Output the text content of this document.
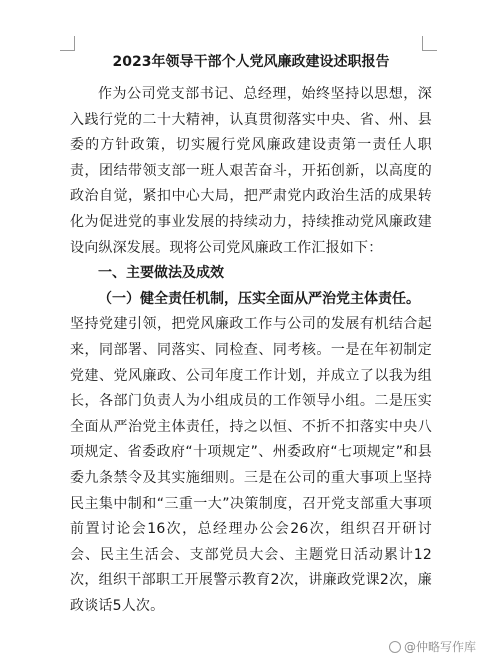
2023年领导干部个人党风廉政建设述职报告

作为公司党支部书记、总经理，始终坚持以思想，深入践行党的二十大精神，认真贯彻落实中央、省、州、县委的方针政策，切实履行党风廉政建设责第一责任人职责，团结带领支部一班人艰苦奋斗，开拓创新，以高度的政治自觉，紧扣中心大局，把严肃党内政治生活的成果转化为促进党的事业发展的持续动力，持续推动党风廉政建设向纵深发展。现将公司党风廉政工作汇报如下：

一、主要做法及成效

（一）健全责任机制，压实全面从严治党主体责任。

坚持党建引领，把党风廉政工作与公司的发展有机结合起来，同部署、同落实、同检查、同考核。一是在年初制定党建、党风廉政、公司年度工作计划，并成立了以我为组长，各部门负责人为小组成员的工作领导小组。二是压实全面从严治党主体责任，持之以恒、不折不扣落实中央八项规定、省委政府“十项规定”、州委政府“七项规定”和县委九条禁令及其实施细则。三是在公司的重大事项上坚持民主集中制和“三重一大”决策制度，召开党支部重大事项前置讨论会16次，总经理办公会26次，组织召开研讨会、民主生活会、支部党员大会、主题党日活动累计12次，组织干部职工开展警示教育2次，讲廉政党课2次，廉政谈话5人次。

@仲略写作库
